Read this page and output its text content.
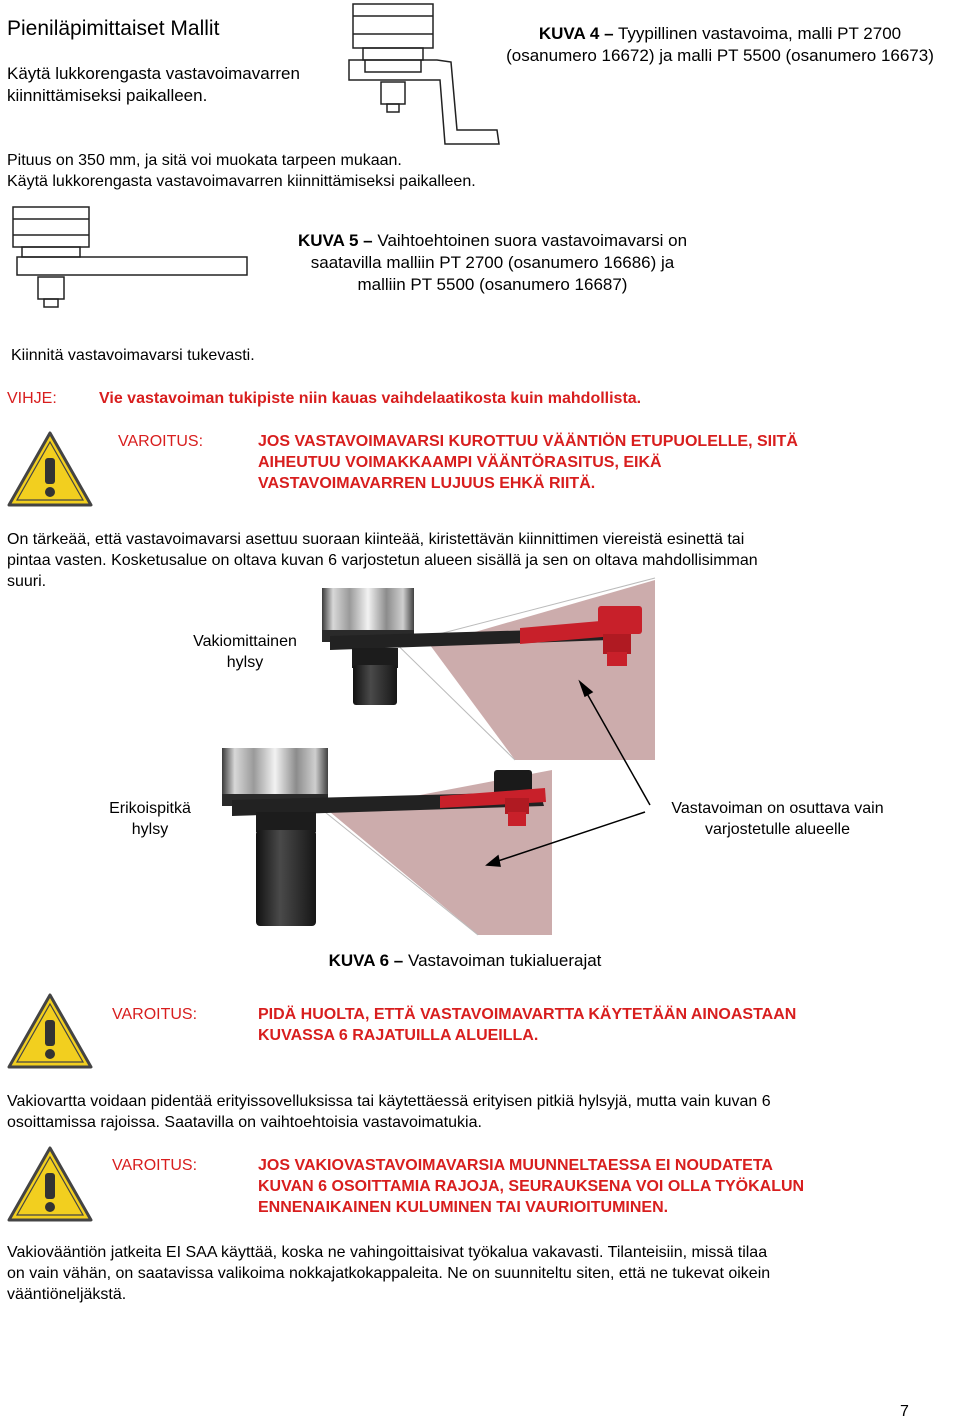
Pieniläpimittaiset Mallit
Käytä lukkorengasta vastavoimavarren kiinnittämiseksi paikalleen.
KUVA 4 – Tyypillinen vastavoima, malli PT 2700
(osanumero 16672) ja malli PT 5500 (osanumero 16673)
Pituus on 350 mm, ja sitä voi muokata tarpeen mukaan.
Käytä lukkorengasta vastavoimavarren kiinnittämiseksi paikalleen.
KUVA 5 – Vaihtoehtoinen suora vastavoimavarsi on
saatavilla malliin PT 2700 (osanumero 16686) ja
malliin PT 5500 (osanumero 16687)
Kiinnitä vastavoimavarsi tukevasti.
VIHJE:	Vie vastavoiman tukipiste niin kauas vaihdelaatikosta kuin mahdollista.
VAROITUS:	JOS VASTAVOIMAVARSI KUROTTUU VÄÄNTIÖN ETUPUOLELLE, SIITÄ
AIHEUTUU VOIMAKKAAMPI VÄÄNTÖRASITUS, EIKÄ
VASTAVOIMAVARREN LUJUUS EHKÄ RIITÄ.
On tärkeää, että vastavoimavarsi asettuu suoraan kiinteää, kiristettävän kiinnittimen viereistä esinettä tai
pintaa vasten. Kosketusalue on oltava kuvan 6 varjostetun alueen sisällä ja sen on oltava mahdollisimman
suuri.
Vakiomittainen
hylsy
Erikoispitkä
hylsy
Vastavoiman on osuttava vain
varjostetulle alueelle
KUVA 6 – Vastavoiman tukialuerajat
VAROITUS:	PIDÄ HUOLTA, ETTÄ VASTAVOIMAVARTTA KÄYTETÄÄN AINOASTAAN
KUVASSA 6 RAJATUILLA ALUEILLA.
Vakiovartta voidaan pidentää erityissovelluksissa tai käytettäessä erityisen pitkiä hylsyjä, mutta vain kuvan 6
osoittamissa rajoissa. Saatavilla on vaihtoehtoisia vastavoimatukia.
VAROITUS:	JOS VAKIOVASTAVOIMAVARSIA MUUNNELTAESSA EI NOUDATETA
KUVAN 6 OSOITTAMIA RAJOJA, SEURAUKSENA VOI OLLA TYÖKALUN
ENNENAIKAINEN KULUMINEN TAI VAURIOITUMINEN.
Vakiovääntiön jatkeita EI SAA käyttää, koska ne vahingoittaisivat työkalua vakavasti. Tilanteisiin, missä tilaa
on vain vähän, on saatavissa valikoima nokkajatkokappaleita. Ne on suunniteltu siten, että ne tukevat oikein
vääntiöneljäkstä.
7
